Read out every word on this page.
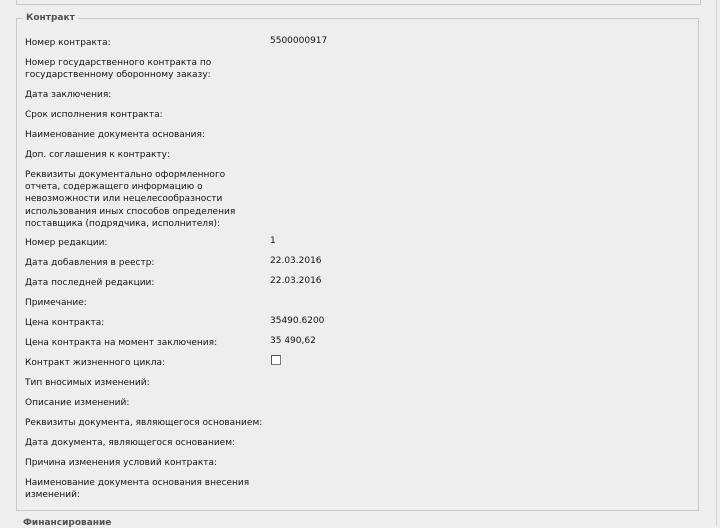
Контракт
Номер контракта:	5500000917
Номер государственного контракта по государственному оборонному заказу:
Дата заключения:
Срок исполнения контракта:
Наименование документа основания:
Доп. соглашения к контракту:
Реквизиты документально оформленного отчета, содержащего информацию о невозможности или нецелесообразности использования иных способов определения поставщика (подрядчика, исполнителя):
Номер редакции:	1
Дата добавления в реестр:	22.03.2016
Дата последней редакции:	22.03.2016
Примечание:
Цена контракта:	35490.6200
Цена контракта на момент заключения:	35 490,62
Контракт жизненного цикла:
Тип вносимых изменений:
Описание изменений:
Реквизиты документа, являющегося основанием:
Дата документа, являющегося основанием:
Причина изменения условий контракта:
Наименование документа основания внесения изменений:
Финансирование
